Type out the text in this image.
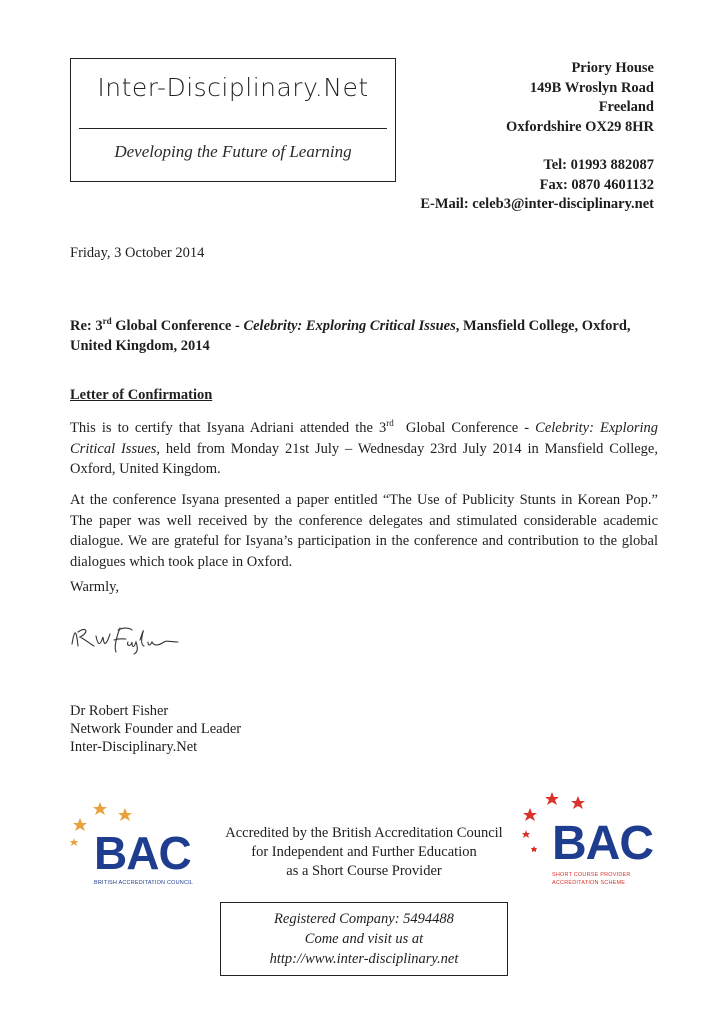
Inter-Disciplinary.Net
Developing the Future of Learning
Priory House
149B Wroslyn Road
Freeland
Oxfordshire OX29 8HR
Tel: 01993 882087
Fax: 0870 4601132
E-Mail: celeb3@inter-disciplinary.net
Friday, 3 October 2014
Re: 3rd Global Conference - Celebrity: Exploring Critical Issues, Mansfield College, Oxford, United Kingdom, 2014
Letter of Confirmation
This is to certify that Isyana Adriani attended the 3rd  Global Conference - Celebrity: Exploring Critical Issues, held from Monday 21st July – Wednesday 23rd July 2014 in Mansfield College, Oxford, United Kingdom.
At the conference Isyana presented a paper entitled “The Use of Publicity Stunts in Korean Pop.” The paper was well received by the conference delegates and stimulated considerable academic dialogue. We are grateful for Isyana’s participation in the conference and contribution to the global dialogues which took place in Oxford.
Warmly,
Dr Robert Fisher
Network Founder and Leader
Inter-Disciplinary.Net
BAC
BRITISH ACCREDITATION COUNCIL
Accredited by the British Accreditation Council
for Independent and Further Education
as a Short Course Provider
BAC
SHORT COURSE PROVIDER
ACCREDITATION SCHEME
Registered Company: 5494488
Come and visit us at
http://www.inter-disciplinary.net
